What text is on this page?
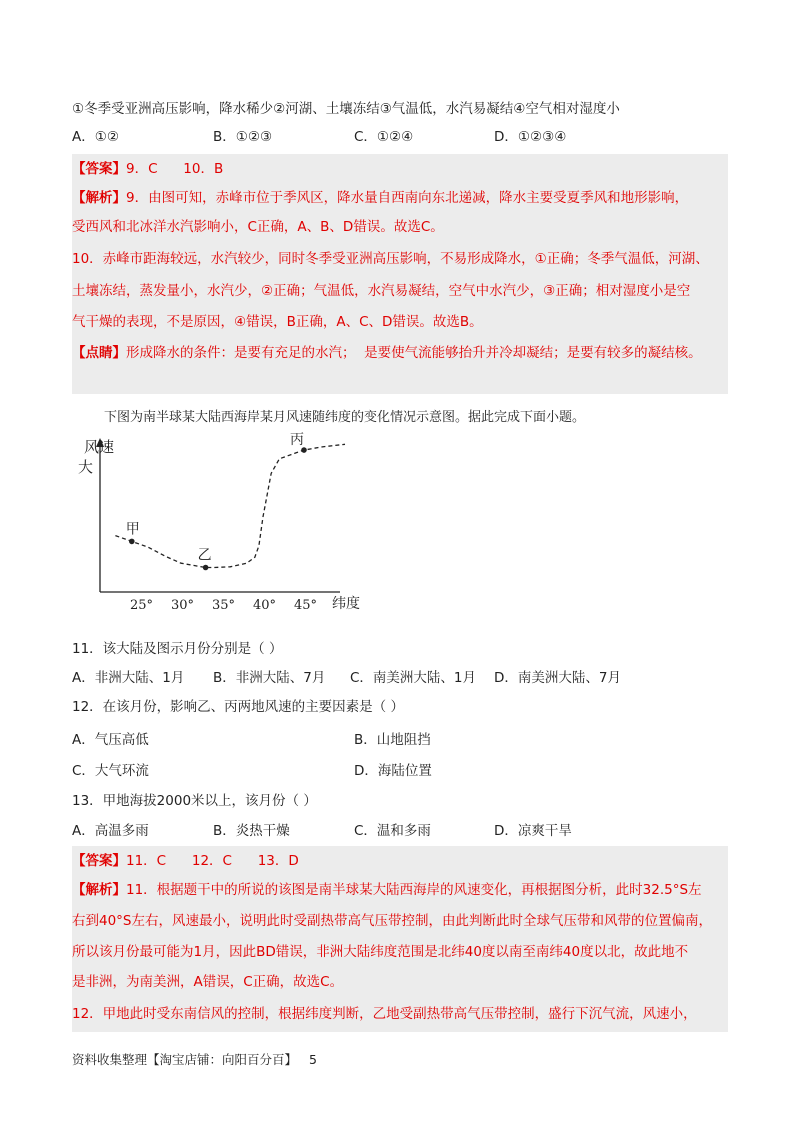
①冬季受亚洲高压影响，降水稀少②河湖、土壤冻结③气温低，水汽易凝结④空气相对湿度小
A．①②	B．①②③	C．①②④	D．①②③④
【答案】9．C      10．B
【解析】9．由图可知，赤峰市位于季风区，降水量自西南向东北递减，降水主要受夏季风和地形影响，
受西风和北冰洋水汽影响小，C正确，A、B、D错误。故选C。
10．赤峰市距海较远，水汽较少，同时冬季受亚洲高压影响，不易形成降水，①正确；冬季气温低，河湖、
土壤冻结，蒸发量小，水汽少，②正确；气温低，水汽易凝结，空气中水汽少，③正确；相对湿度小是空
气干燥的表现，不是原因，④错误，B正确，A、C、D错误。故选B。
【点睛】形成降水的条件：是要有充足的水汽；  是要使气流能够抬升并冷却凝结；是要有较多的凝结核。
下图为南半球某大陆西海岸某月风速随纬度的变化情况示意图。据此完成下面小题。
风速
大
纬度
25° 30° 35° 40° 45°
甲
乙
丙
11．该大陆及图示月份分别是（ ）
A．非洲大陆、1月 B．非洲大陆、7月 C．南美洲大陆、1月 D．南美洲大陆、7月
12．在该月份，影响乙、丙两地风速的主要因素是（ ）
A．气压高低	B．山地阻挡
C．大气环流	D．海陆位置
13．甲地海拔2000米以上，该月份（ ）
A．高温多雨	B．炎热干燥	C．温和多雨	D．凉爽干旱
【答案】11．C      12．C      13．D
【解析】11．根据题干中的所说的该图是南半球某大陆西海岸的风速变化，再根据图分析，此时32.5°S左
右到40°S左右，风速最小，说明此时受副热带高气压带控制，由此判断此时全球气压带和风带的位置偏南，
所以该月份最可能为1月，因此BD错误，非洲大陆纬度范围是北纬40度以南至南纬40度以北，故此地不
是非洲，为南美洲，A错误，C正确，故选C。
12．甲地此时受东南信风的控制，根据纬度判断，乙地受副热带高气压带控制，盛行下沉气流，风速小，
资料收集整理【淘宝店铺：向阳百分百】 5
